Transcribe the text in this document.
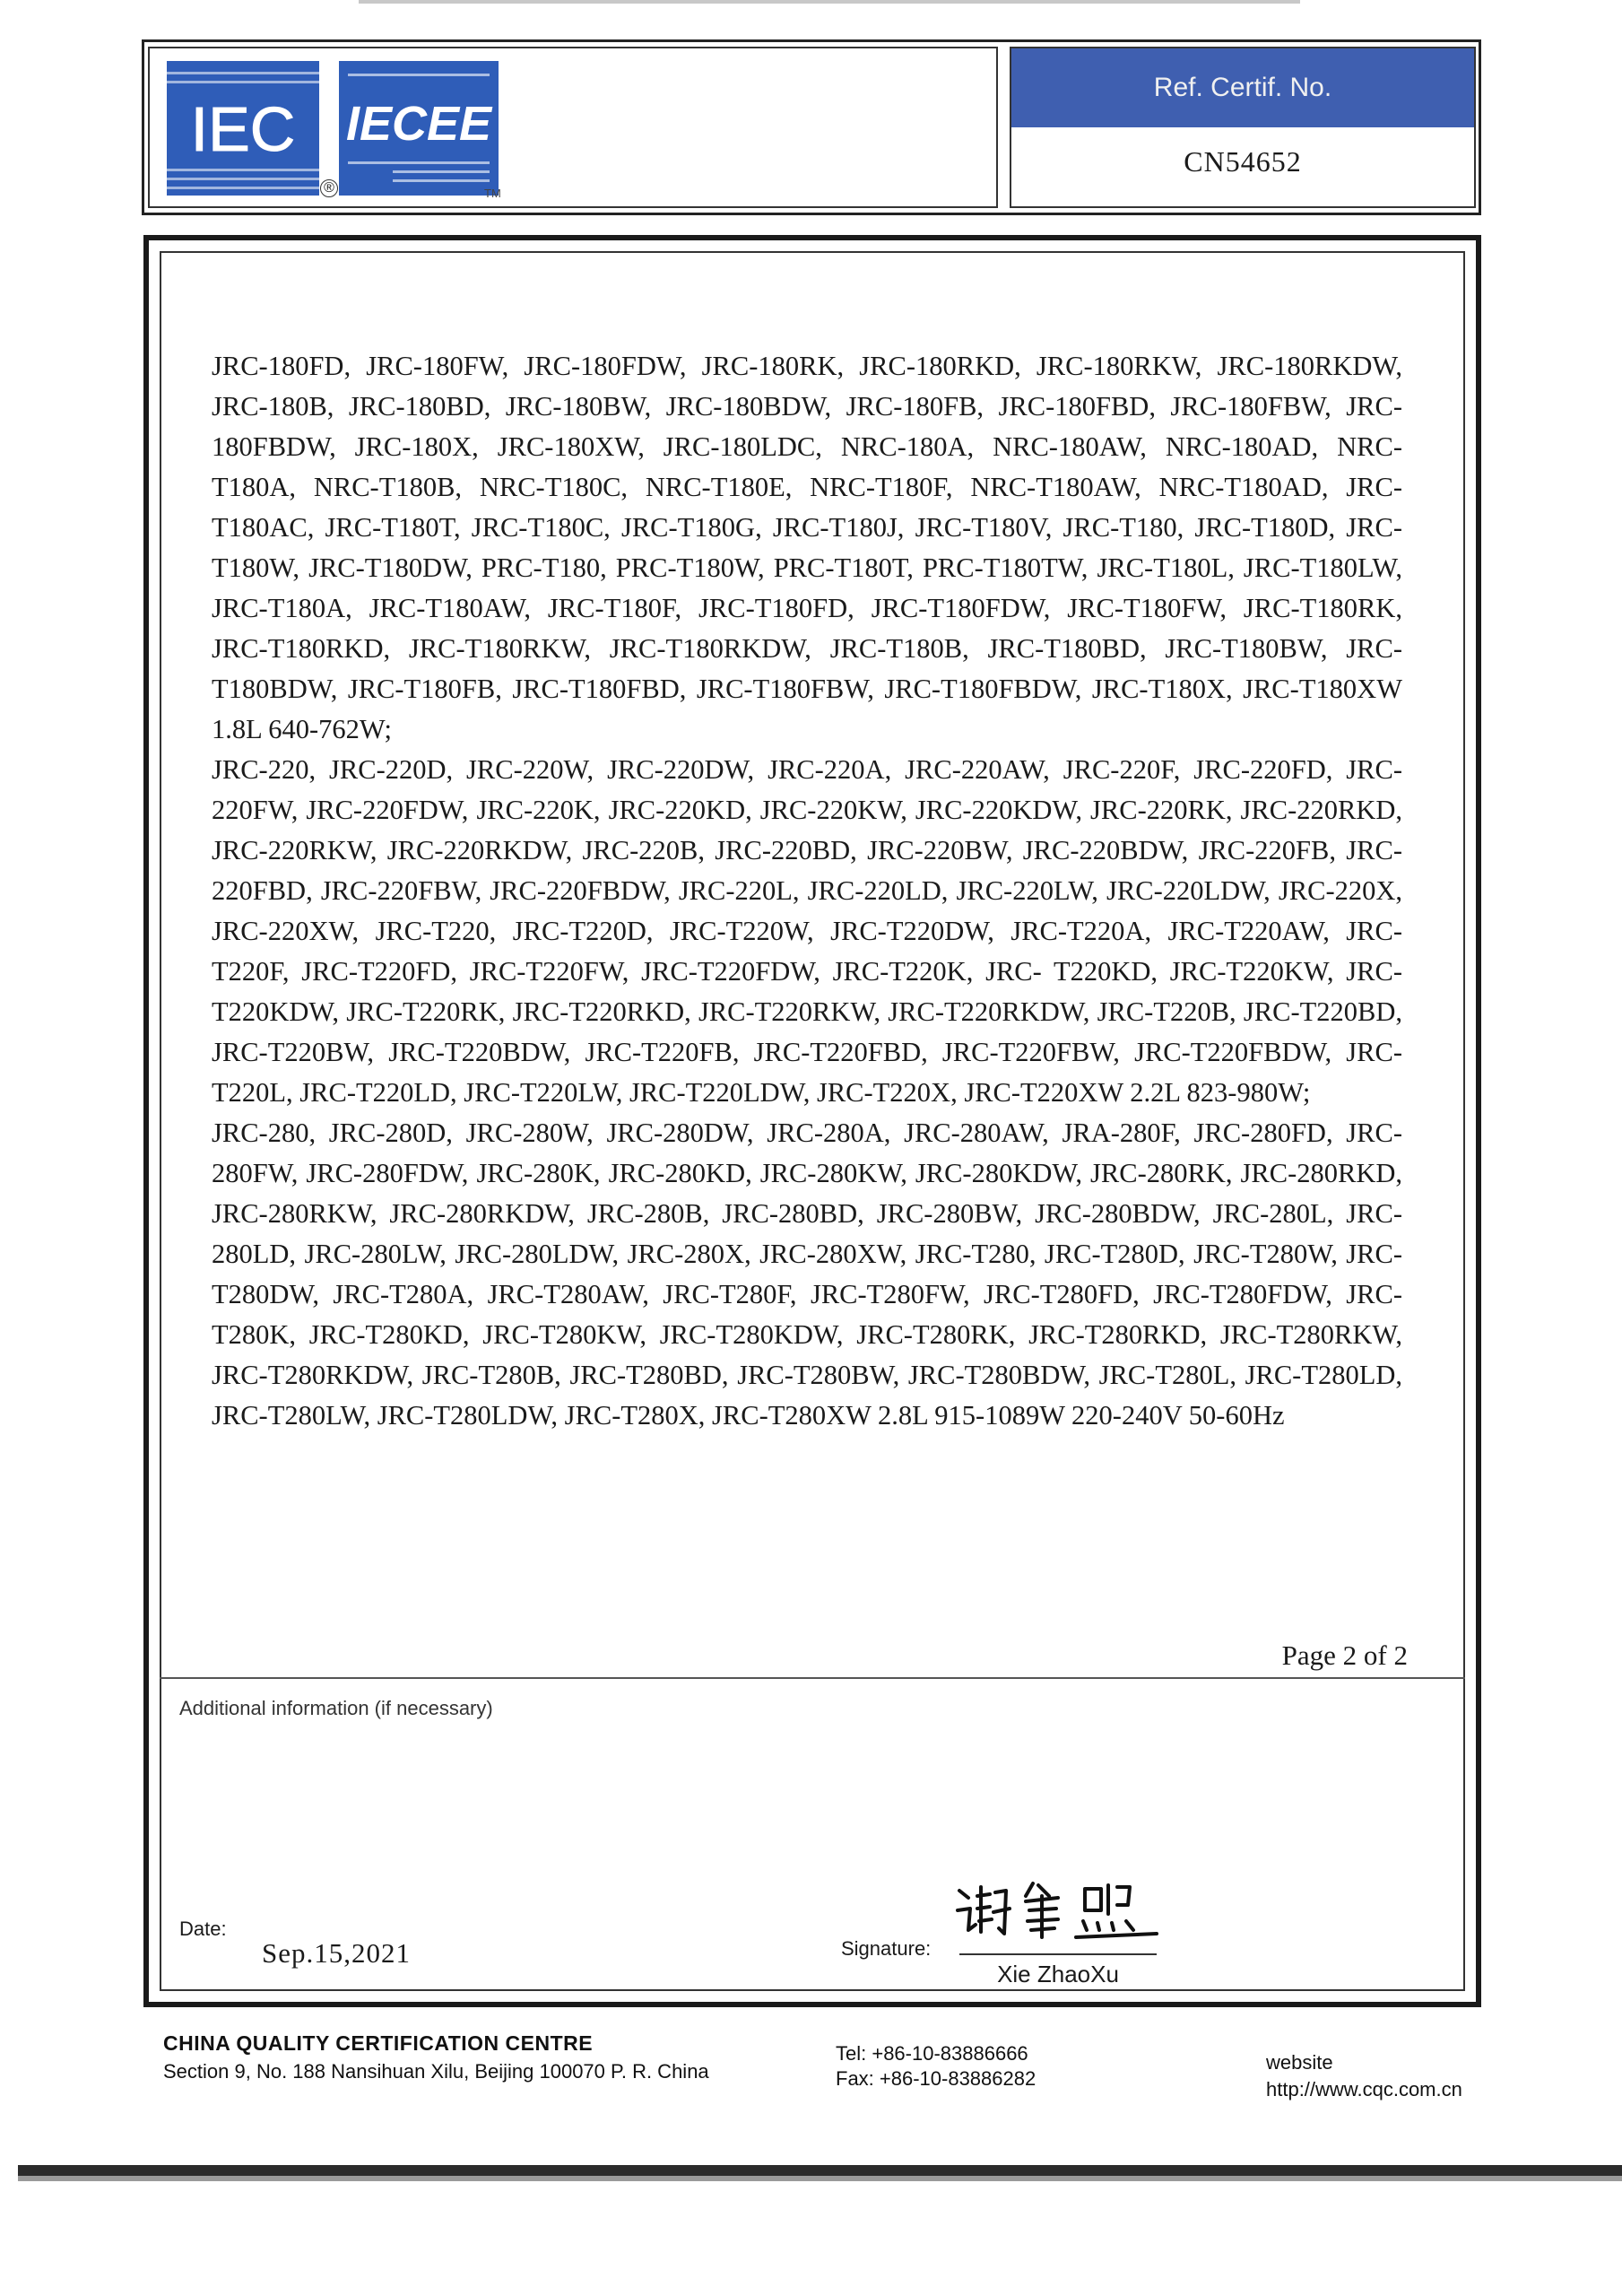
IEC IECEE
®	TM
Ref. Certif. No.
CN54652

JRC-180FD, JRC-180FW, JRC-180FDW, JRC-180RK, JRC-180RKD, JRC-180RKW, JRC-180RKDW, JRC-180B, JRC-180BD, JRC-180BW, JRC-180BDW, JRC-180FB, JRC-180FBD, JRC-180FBW, JRC-180FBDW, JRC-180X, JRC-180XW, JRC-180LDC, NRC-180A, NRC-180AW, NRC-180AD, NRC-T180A, NRC-T180B, NRC-T180C, NRC-T180E, NRC-T180F, NRC-T180AW, NRC-T180AD, JRC-T180AC, JRC-T180T, JRC-T180C, JRC-T180G, JRC-T180J, JRC-T180V, JRC-T180, JRC-T180D, JRC-T180W, JRC-T180DW, PRC-T180, PRC-T180W, PRC-T180T, PRC-T180TW, JRC-T180L, JRC-T180LW, JRC-T180A, JRC-T180AW, JRC-T180F, JRC-T180FD, JRC-T180FDW, JRC-T180FW, JRC-T180RK, JRC-T180RKD, JRC-T180RKW, JRC-T180RKDW, JRC-T180B, JRC-T180BD, JRC-T180BW, JRC-T180BDW, JRC-T180FB, JRC-T180FBD, JRC-T180FBW, JRC-T180FBDW, JRC-T180X, JRC-T180XW 1.8L 640-762W;

JRC-220, JRC-220D, JRC-220W, JRC-220DW, JRC-220A, JRC-220AW, JRC-220F, JRC-220FD, JRC-220FW, JRC-220FDW, JRC-220K, JRC-220KD, JRC-220KW, JRC-220KDW, JRC-220RK, JRC-220RKD, JRC-220RKW, JRC-220RKDW, JRC-220B, JRC-220BD, JRC-220BW, JRC-220BDW, JRC-220FB, JRC-220FBD, JRC-220FBW, JRC-220FBDW, JRC-220L, JRC-220LD, JRC-220LW, JRC-220LDW, JRC-220X, JRC-220XW, JRC-T220, JRC-T220D, JRC-T220W, JRC-T220DW, JRC-T220A, JRC-T220AW, JRC-T220F, JRC-T220FD, JRC-T220FW, JRC-T220FDW, JRC-T220K, JRC- T220KD, JRC-T220KW, JRC-T220KDW, JRC-T220RK, JRC-T220RKD, JRC-T220RKW, JRC-T220RKDW, JRC-T220B, JRC-T220BD, JRC-T220BW, JRC-T220BDW, JRC-T220FB, JRC-T220FBD, JRC-T220FBW, JRC-T220FBDW, JRC-T220L, JRC-T220LD, JRC-T220LW, JRC-T220LDW, JRC-T220X, JRC-T220XW 2.2L 823-980W;

JRC-280, JRC-280D, JRC-280W, JRC-280DW, JRC-280A, JRC-280AW, JRA-280F, JRC-280FD, JRC-280FW, JRC-280FDW, JRC-280K, JRC-280KD, JRC-280KW, JRC-280KDW, JRC-280RK, JRC-280RKD, JRC-280RKW, JRC-280RKDW, JRC-280B, JRC-280BD, JRC-280BW, JRC-280BDW, JRC-280L, JRC-280LD, JRC-280LW, JRC-280LDW, JRC-280X, JRC-280XW, JRC-T280, JRC-T280D, JRC-T280W, JRC-T280DW, JRC-T280A, JRC-T280AW, JRC-T280F, JRC-T280FW, JRC-T280FD, JRC-T280FDW, JRC-T280K, JRC-T280KD, JRC-T280KW, JRC-T280KDW, JRC-T280RK, JRC-T280RKD, JRC-T280RKW, JRC-T280RKDW, JRC-T280B, JRC-T280BD, JRC-T280BW, JRC-T280BDW, JRC-T280L, JRC-T280LD, JRC-T280LW, JRC-T280LDW, JRC-T280X, JRC-T280XW 2.8L 915-1089W 220-240V 50-60Hz

Page 2 of 2
Additional information (if necessary)
Date:
Sep.15,2021	Signature:
Xie ZhaoXu
CHINA QUALITY CERTIFICATION CENTRE
Section 9, No. 188 Nansihuan Xilu, Beijing 100070 P. R. China
Tel: +86-10-83886666
Fax: +86-10-83886282
website
http://www.cqc.com.cn
